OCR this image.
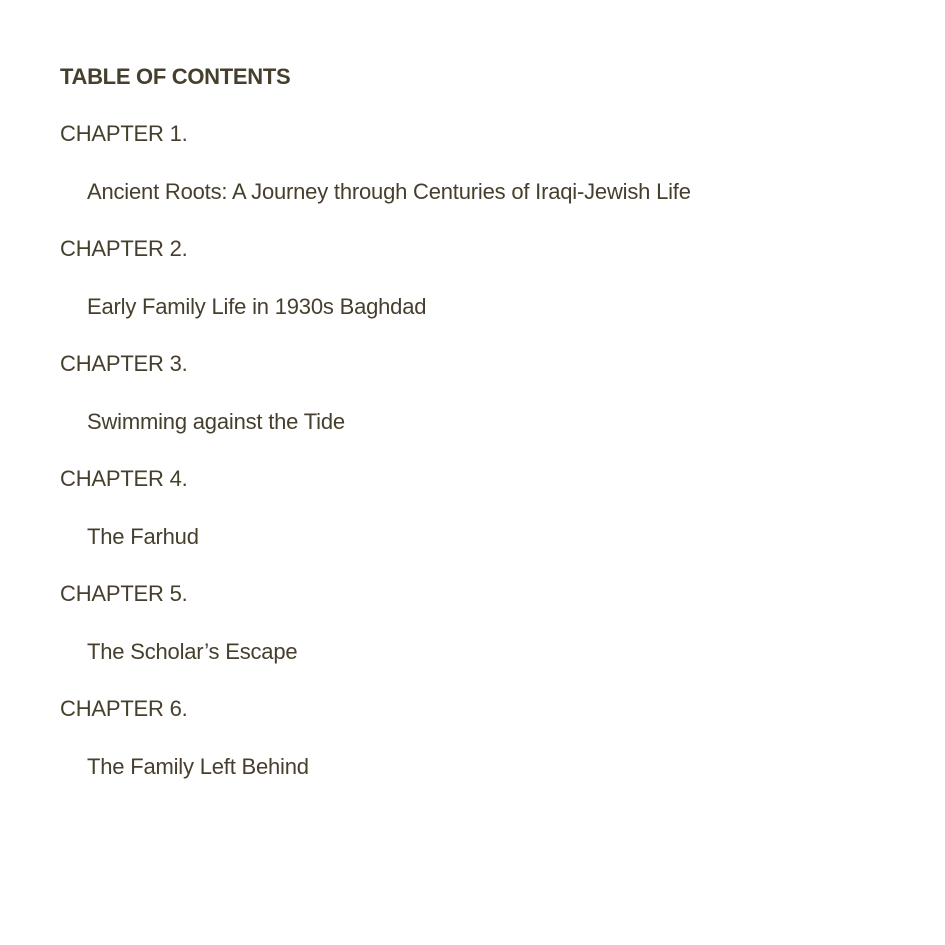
TABLE OF CONTENTS
CHAPTER 1.
Ancient Roots: A Journey through Centuries of Iraqi-Jewish Life
CHAPTER 2.
Early Family Life in 1930s Baghdad
CHAPTER 3.
Swimming against the Tide
CHAPTER 4.
The Farhud
CHAPTER 5.
The Scholar’s Escape
CHAPTER 6.
The Family Left Behind
